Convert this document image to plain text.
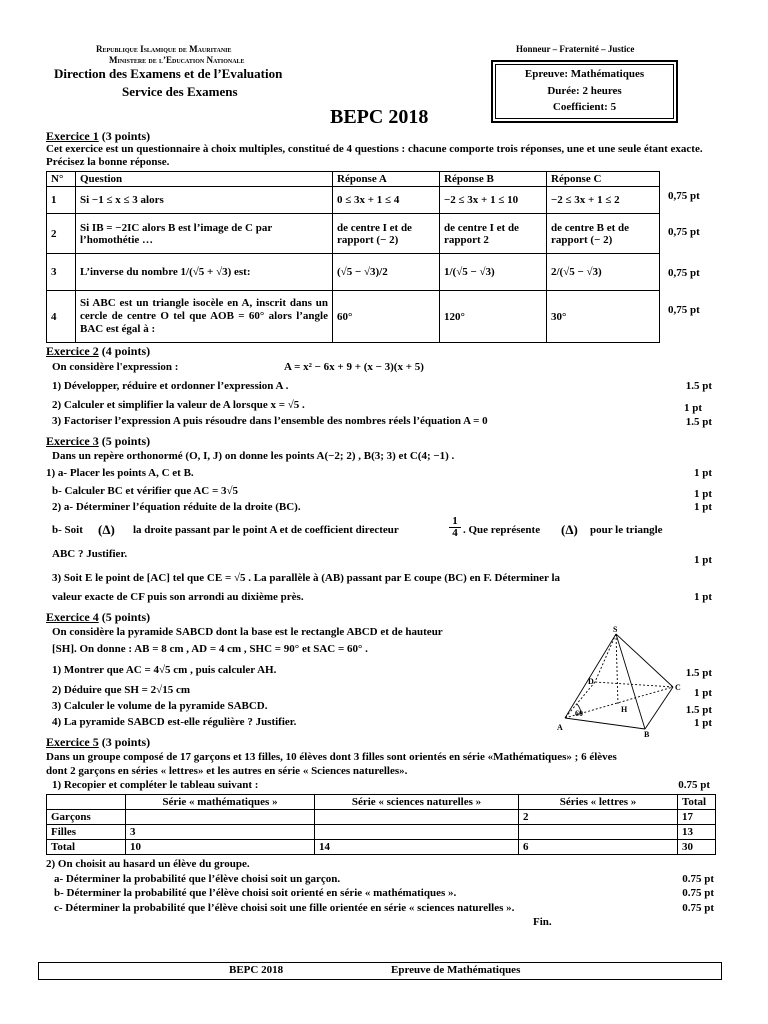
Republique Islamique de Mauritanie
Ministere de l’Education Nationale
Honneur – Fraternité – Justice
Direction des Examens et de l’Evaluation
Service des Examens
BEPC 2018
Epreuve: Mathématiques
Durée: 2 heures
Coefficient: 5
Exercice 1 (3 points)
Cet exercice est un questionnaire à choix multiples, constitué de 4 questions : chacune comporte trois réponses, une et une seule étant exacte. Précisez la bonne réponse.
N°	Question	Réponse A	Réponse B	Réponse C
1	Si −1 ≤ x ≤ 3 alors	0 ≤ 3x + 1 ≤ 4	−2 ≤ 3x + 1 ≤ 10	−2 ≤ 3x + 1 ≤ 2
2	Si IB = −2IC alors B est l’image de C par l’homothétie …	de centre I et de rapport (− 2)	de centre I et de rapport 2	de centre B et de rapport (− 2)
3	L’inverse du nombre 1/(√5 + √3) est:	(√5 − √3)/2	1/(√5 − √3)	2/(√5 − √3)
4	Si ABC est un triangle isocèle en A, inscrit dans un cercle de centre O tel que AOB = 60° alors l’angle BAC est égal à :	60°	120°	30°
0,75 pt
0,75 pt
0,75 pt
0,75 pt
Exercice 2 (4 points)
On considère l'expression :	A = x² − 6x + 9 + (x − 3)(x + 5)
1) Développer, réduire et ordonner l’expression A .	1.5 pt
2) Calculer et simplifier la valeur de A lorsque x = √5 .	1 pt
3) Factoriser l’expression A puis résoudre dans l’ensemble des nombres réels l’équation A = 0	1.5 pt
Exercice 3 (5 points)
Dans un repère orthonormé (O, I, J) on donne les points A(−2; 2) , B(3; 3) et C(4; −1) .
1) a- Placer les points A, C et B.	1 pt
b- Calculer BC et vérifier que AC = 3√5	1 pt
2) a- Déterminer l’équation réduite de la droite (BC).	1 pt
b- Soit (Δ) la droite passant par le point A et de coefficient directeur	$\frac{1}{4}$ . Que représente (Δ) pour le triangle
ABC ? Justifier.	1 pt
3) Soit E le point de [AC] tel que CE = √5 . La parallèle à (AB) passant par E coupe (BC) en F. Déterminer la
valeur exacte de CF puis son arrondi au dixième près.	1 pt
Exercice 4 (5 points)
On considère la pyramide SABCD dont la base est le rectangle ABCD et de hauteur
[SH]. On donne : AB = 8 cm , AD = 4 cm , SHC = 90° et SAC = 60° .
1) Montrer que AC = 4√5 cm , puis calculer AH.	1.5 pt
2) Déduire que SH = 2√15 cm	1 pt
3) Calculer le volume de la pyramide SABCD.	1.5 pt
4) La pyramide SABCD est-elle régulière ? Justifier.	1 pt
S
A
B
C
D
H
60
Exercice 5 (3 points)
Dans un groupe composé de 17 garçons et 13 filles, 10 élèves dont 3 filles sont orientés en série «Mathématiques» ; 6 élèves
dont 2 garçons en séries « lettres» et les autres en série « Sciences naturelles».
1) Recopier et compléter le tableau suivant :	0.75 pt
	Série « mathématiques »	Série « sciences naturelles »	Séries « lettres »	Total
Garçons			2	17
Filles	3			13
Total	10	14	6	30
2) On choisit au hasard un élève du groupe.
a- Déterminer la probabilité que l’élève choisi soit un garçon.	0.75 pt
b- Déterminer la probabilité que l’élève choisi soit orienté en série « mathématiques ».	0.75 pt
c- Déterminer la probabilité que l’élève choisi soit une fille orientée en série « sciences naturelles ».	0.75 pt
Fin.
BEPC 2018	Epreuve de Mathématiques
